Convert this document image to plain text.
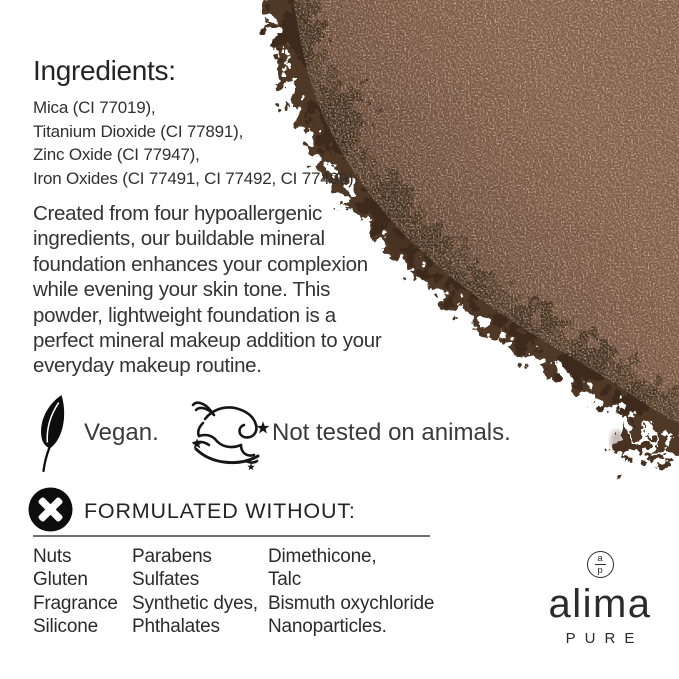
Ingredients:
Mica (CI 77019),
Titanium Dioxide (CI 77891),
Zinc Oxide (CI 77947),
Iron Oxides (CI 77491, CI 77492, CI 77499).
Created from four hypoallergenic
ingredients, our buildable mineral
foundation enhances your complexion
while evening your skin tone. This
powder, lightweight foundation is a
perfect mineral makeup addition to your
everyday makeup routine.
Vegan.	Not tested on animals.
FORMULATED WITHOUT:
Nuts
Gluten
Fragrance
Silicone
Parabens
Sulfates
Synthetic dyes,
Phthalates
Dimethicone,
Talc
Bismuth oxychloride
Nanoparticles.
a
p
alima
PURE
